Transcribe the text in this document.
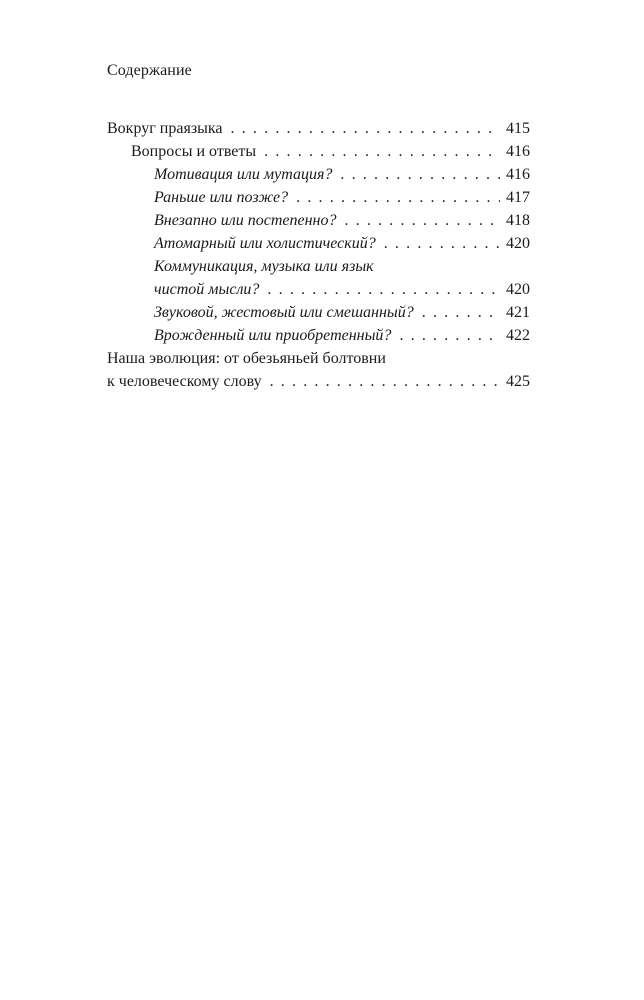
Содержание
Вокруг праязыка . . .	415
Вопросы и ответы . . .	416
Мотивация или мутация? . . .	416
Раньше или позже? . . .	417
Внезапно или постепенно? . . .	418
Атомарный или холистический? . . .	420
Коммуникация, музыка или язык
чистой мысли? . . .	420
Звуковой, жестовый или смешанный? . . .	421
Врожденный или приобретенный? . . .	422
Наша эволюция: от обезьяньей болтовни
к человеческому слову . . .	425
